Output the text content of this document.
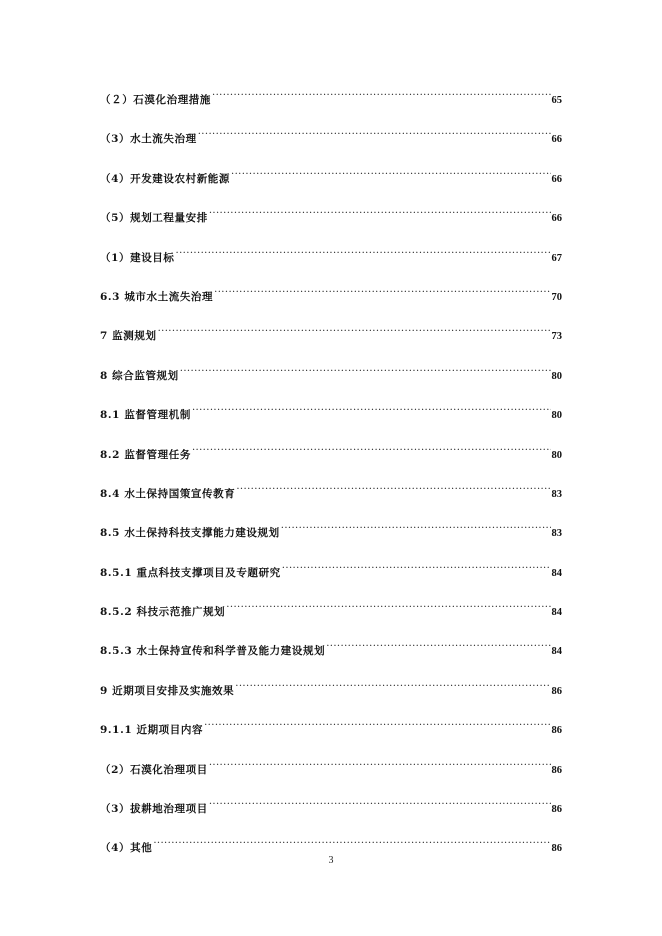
（２）石漠化治理措施 .....	65
（3）水土流失治理 .....	66
（4）开发建设农村新能源 .....	66
（5）规划工程量安排 .....	66
（1）建设目标 .....	67
6.3 城市水土流失治理 .....	70
7 监测规划 .....	73
8 综合监管规划 .....	80
8.1 监督管理机制 .....	80
8.2 监督管理任务 .....	80
8.4 水土保持国策宣传教育 .....	83
8.5 水土保持科技支撑能力建设规划 .....	83
8.5.1 重点科技支撑项目及专题研究 .....	84
8.5.2 科技示范推广规划 .....	84
8.5.3 水土保持宣传和科学普及能力建设规划 .....	84
9 近期项目安排及实施效果 .....	86
9.1.1 近期项目内容 .....	86
（2）石漠化治理项目 .....	86
（3）拔耕地治理项目 .....	86
（4）其他 .....	86
3
